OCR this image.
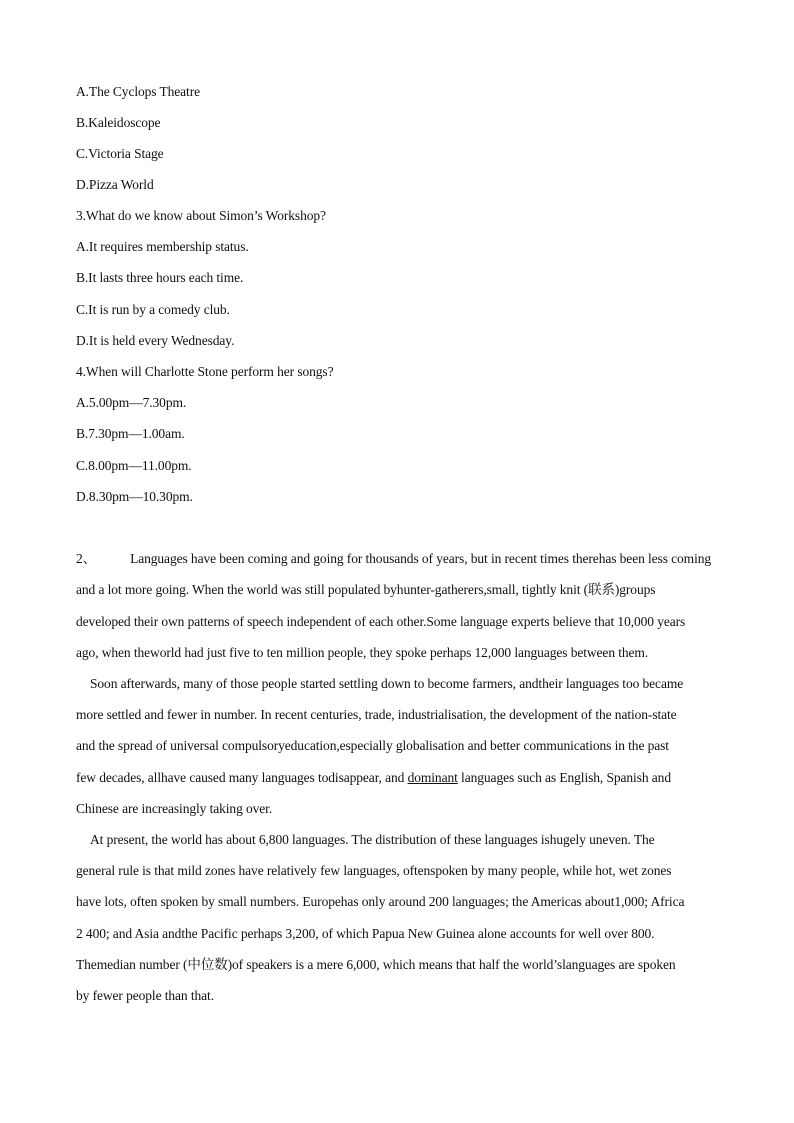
A.The Cyclops Theatre
B.Kaleidoscope
C.Victoria Stage
D.Pizza World
3.What do we know about Simon’s Workshop?
A.It requires membership status.
B.It lasts three hours each time.
C.It is run by a comedy club.
D.It is held every Wednesday.
4.When will Charlotte Stone perform her songs?
A.5.00pm—7.30pm.
B.7.30pm—1.00am.
C.8.00pm—11.00pm.
D.8.30pm—10.30pm.
2、	Languages have been coming and going for thousands of years, but in recent times therehas been less coming
and a lot more going. When the world was still populated byhunter-gatherers,small, tightly knit (联系)groups
developed their own patterns of speech independent of each other.Some language experts believe that 10,000 years
ago, when theworld had just five to ten million people, they spoke perhaps 12,000 languages between them.
Soon afterwards, many of those people started settling down to become farmers, andtheir languages too became
more settled and fewer in number. In recent centuries, trade, industrialisation, the development of the nation-state
and the spread of universal compulsoryeducation,especially globalisation and better communications in the past
few decades, allhave caused many languages todisappear, and dominant languages such as English, Spanish and
Chinese are increasingly taking over.
At present, the world has about 6,800 languages. The distribution of these languages ishugely uneven. The
general rule is that mild zones have relatively few languages, oftenspoken by many people, while hot, wet zones
have lots, often spoken by small numbers. Europehas only around 200 languages; the Americas about1,000; Africa
2 400; and Asia andthe Pacific perhaps 3,200, of which Papua New Guinea alone accounts for well over 800.
Themedian number (中位数)of speakers is a mere 6,000, which means that half the world’slanguages are spoken
by fewer people than that.
